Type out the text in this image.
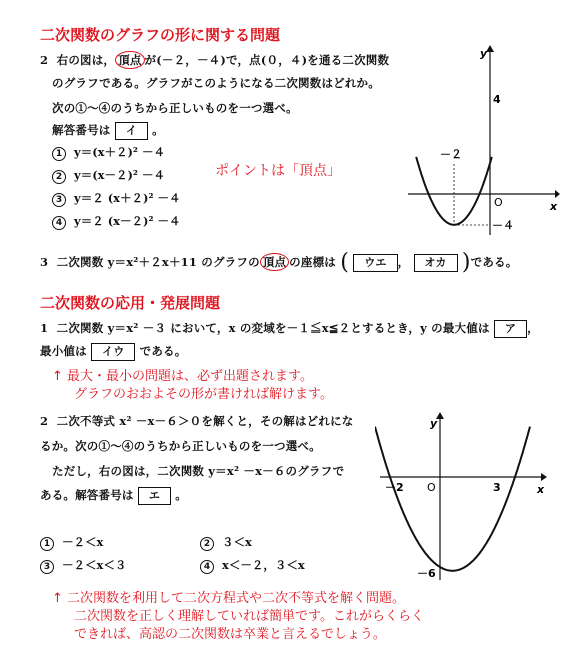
二次関数のグラフの形に関する問題
2 右の図は， 頂点 が(－２，－４)で，点(０，４)を通る二次関数
のグラフである。グラフがこのようになる二次関数はどれか。
次の①～④のうちから正しいものを一つ選べ。
解答番号は イ 。
1 y＝(x＋２)² －４
2 y＝(x－２)² －４
3 y＝２ (x＋２)² －４
4 y＝２ (x－２)² －４
ポイントは「頂点」
y
x
O
4
－２
－４
3 二次関数 y＝x²＋２x＋11 のグラフの 頂点 の座標は ( ウエ ， オカ )である。
二次関数の応用・発展問題
1 二次関数 y＝x² －３ において，x の変域を－１≦x≦２とするとき，y の最大値は ア ，
最小値は イウ である。
↑ 最大・最小の問題は、必ず出題されます。
グラフのおおよその形が書ければ解けます。
2 二次不等式 x² －x－６＞０を解くと，その解はどれにな
るか。次の①～④のうちから正しいものを一つ選べ。
ただし，右の図は，二次関数 y＝x² －x－６のグラフで
ある。解答番号は エ 。
1 －２＜x	2 ３＜x
3 －２＜x＜３	4 x＜－２，３＜x
y
x
O
－2	3
－6
↑ 二次関数を利用して二次方程式や二次不等式を解く問題。
二次関数を正しく理解していれば簡単です。これがらくらく
できれば、高認の二次関数は卒業と言えるでしょう。
